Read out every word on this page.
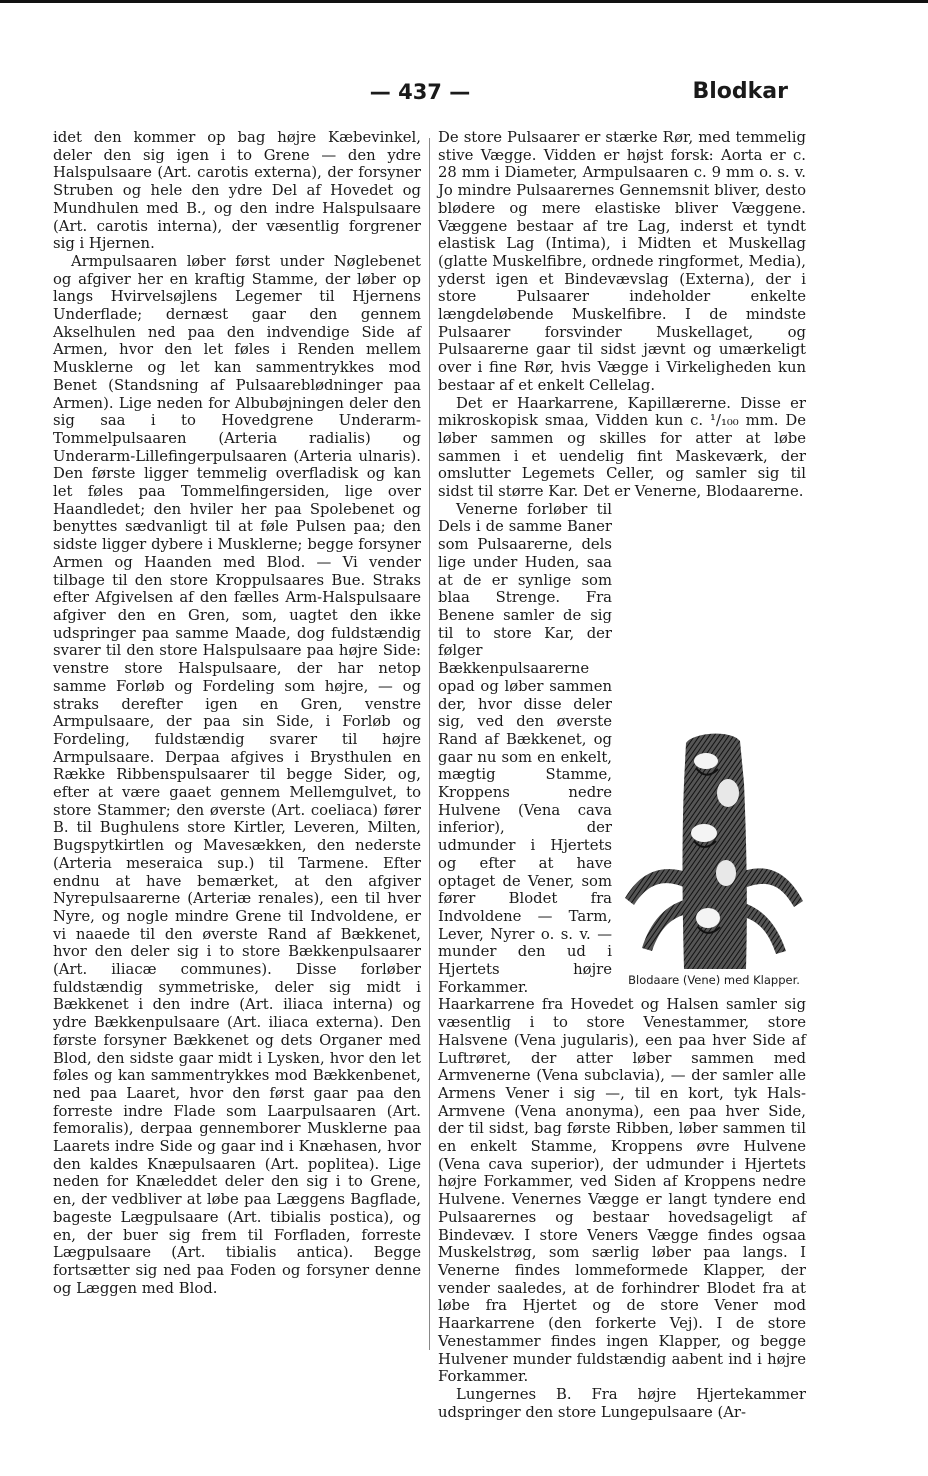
— 437 —	Blodkar

idet den kommer op bag højre Kæbevinkel, deler den sig igen i to Grene — den ydre Halspulsaare (Art. carotis externa), der forsyner Struben og hele den ydre Del af Hovedet og Mundhulen med B., og den indre Halspulsaare (Art. carotis interna), der væsentlig forgrener sig i Hjernen.

Armpulsaaren løber først under Nøglebenet og afgiver her en kraftig Stamme, der løber op langs Hvirvelsøjlens Legemer til Hjernens Underflade; dernæst gaar den gennem Akselhulen ned paa den indvendige Side af Armen, hvor den let føles i Renden mellem Musklerne og let kan sammentrykkes mod Benet (Standsning af Pulsaareblødninger paa Armen). Lige neden for Albubøjningen deler den sig saa i to Hovedgrene Underarm-Tommelpulsaaren (Arteria radialis) og Underarm-Lillefingerpulsaaren (Arteria ulnaris). Den første ligger temmelig overfladisk og kan let føles paa Tommelfingersiden, lige over Haandledet; den hviler her paa Spolebenet og benyttes sædvanligt til at føle Pulsen paa; den sidste ligger dybere i Musklerne; begge forsyner Armen og Haanden med Blod. — Vi vender tilbage til den store Kroppulsaares Bue. Straks efter Afgivelsen af den fælles Arm-Halspulsaare afgiver den en Gren, som, uagtet den ikke udspringer paa samme Maade, dog fuldstændig svarer til den store Halspulsaare paa højre Side: venstre store Halspulsaare, der har netop samme Forløb og Fordeling som højre, — og straks derefter igen en Gren, venstre Armpulsaare, der paa sin Side, i Forløb og Fordeling, fuldstændig svarer til højre Armpulsaare. Derpaa afgives i Brysthulen en Række Ribbenspulsaarer til begge Sider, og, efter at være gaaet gennem Mellemgulvet, to store Stammer; den øverste (Art. coeliaca) fører B. til Bughulens store Kirtler, Leveren, Milten, Bugspytkirtlen og Mavesækken, den nederste (Arteria meseraica sup.) til Tarmene. Efter endnu at have bemærket, at den afgiver Nyrepulsaarerne (Arteriæ renales), een til hver Nyre, og nogle mindre Grene til Indvoldene, er vi naaede til den øverste Rand af Bækkenet, hvor den deler sig i to store Bækkenpulsaarer (Art. iliacæ communes). Disse forløber fuldstændig symmetriske, deler sig midt i Bækkenet i den indre (Art. iliaca interna) og ydre Bækkenpulsaare (Art. iliaca externa). Den første forsyner Bækkenet og dets Organer med Blod, den sidste gaar midt i Lysken, hvor den let føles og kan sammentrykkes mod Bækkenbenet, ned paa Laaret, hvor den først gaar paa den forreste indre Flade som Laarpulsaaren (Art. femoralis), derpaa gennemborer Musklerne paa Laarets indre Side og gaar ind i Knæhasen, hvor den kaldes Knæpulsaaren (Art. poplitea). Lige neden for Knæleddet deler den sig i to Grene, en, der vedbliver at løbe paa Læggens Bagflade, bageste Lægpulsaare (Art. tibialis postica), og en, der buer sig frem til Forfladen, forreste Lægpulsaare (Art. tibialis antica). Begge fortsætter sig ned paa Foden og forsyner denne og Læggen med Blod.

De store Pulsaarer er stærke Rør, med temmelig stive Vægge. Vidden er højst forsk: Aorta er c. 28 mm i Diameter, Armpulsaaren c. 9 mm o. s. v. Jo mindre Pulsaarernes Gennemsnit bliver, desto blødere og mere elastiske bliver Væggene. Væggene bestaar af tre Lag, inderst et tyndt elastisk Lag (Intima), i Midten et Muskellag (glatte Muskelfibre, ordnede ringformet, Media), yderst igen et Bindevævslag (Externa), der i store Pulsaarer indeholder enkelte længdeløbende Muskelfibre. I de mindste Pulsaarer forsvinder Muskellaget, og Pulsaarerne gaar til sidst jævnt og umærkeligt over i fine Rør, hvis Vægge i Virkeligheden kun bestaar af et enkelt Cellelag.

Det er Haarkarrene, Kapillærerne. Disse er mikroskopisk smaa, Vidden kun c. ¹/₁₀₀ mm. De løber sammen og skilles for atter at løbe sammen i et uendelig fint Maskeværk, der omslutter Legemets Celler, og samler sig til sidst til større Kar. Det er Venerne, Blodaarerne.

Blodaare (Vene) med Klapper.
Venerne forløber til Dels i de samme Baner som Pulsaarerne, dels lige under Huden, saa at de er synlige som blaa Strenge. Fra Benene samler de sig til to store Kar, der følger Bækkenpulsaarerne opad og løber sammen der, hvor disse deler sig, ved den øverste Rand af Bækkenet, og gaar nu som en enkelt, mægtig Stamme, Kroppens nedre Hulvene (Vena cava inferior), der udmunder i Hjertets og efter at have optaget de Vener, som fører Blodet fra Indvoldene — Tarm, Lever, Nyrer o. s. v. — munder den ud i Hjertets højre Forkammer. Haarkarrene fra Hovedet og Halsen samler sig væsentlig i to store Venestammer, store Halsvene (Vena jugularis), een paa hver Side af Luftrøret, der atter løber sammen med Armvenerne (Vena subclavia), — der samler alle Armens Vener i sig —, til en kort, tyk Hals-Armvene (Vena anonyma), een paa hver Side, der til sidst, bag første Ribben, løber sammen til en enkelt Stamme, Kroppens øvre Hulvene (Vena cava superior), der udmunder i Hjertets højre Forkammer, ved Siden af Kroppens nedre Hulvene. Venernes Vægge er langt tyndere end Pulsaarernes og bestaar hovedsageligt af Bindevæv. I store Veners Vægge findes ogsaa Muskelstrøg, som særlig løber paa langs. I Venerne findes lommeformede Klapper, der vender saaledes, at de forhindrer Blodet fra at løbe fra Hjertet og de store Vener mod Haarkarrene (den forkerte Vej). I de store Venestammer findes ingen Klapper, og begge Hulvener munder fuldstændig aabent ind i højre Forkammer.

Lungernes B. Fra højre Hjertekammer udspringer den store Lungepulsaare (Ar-
